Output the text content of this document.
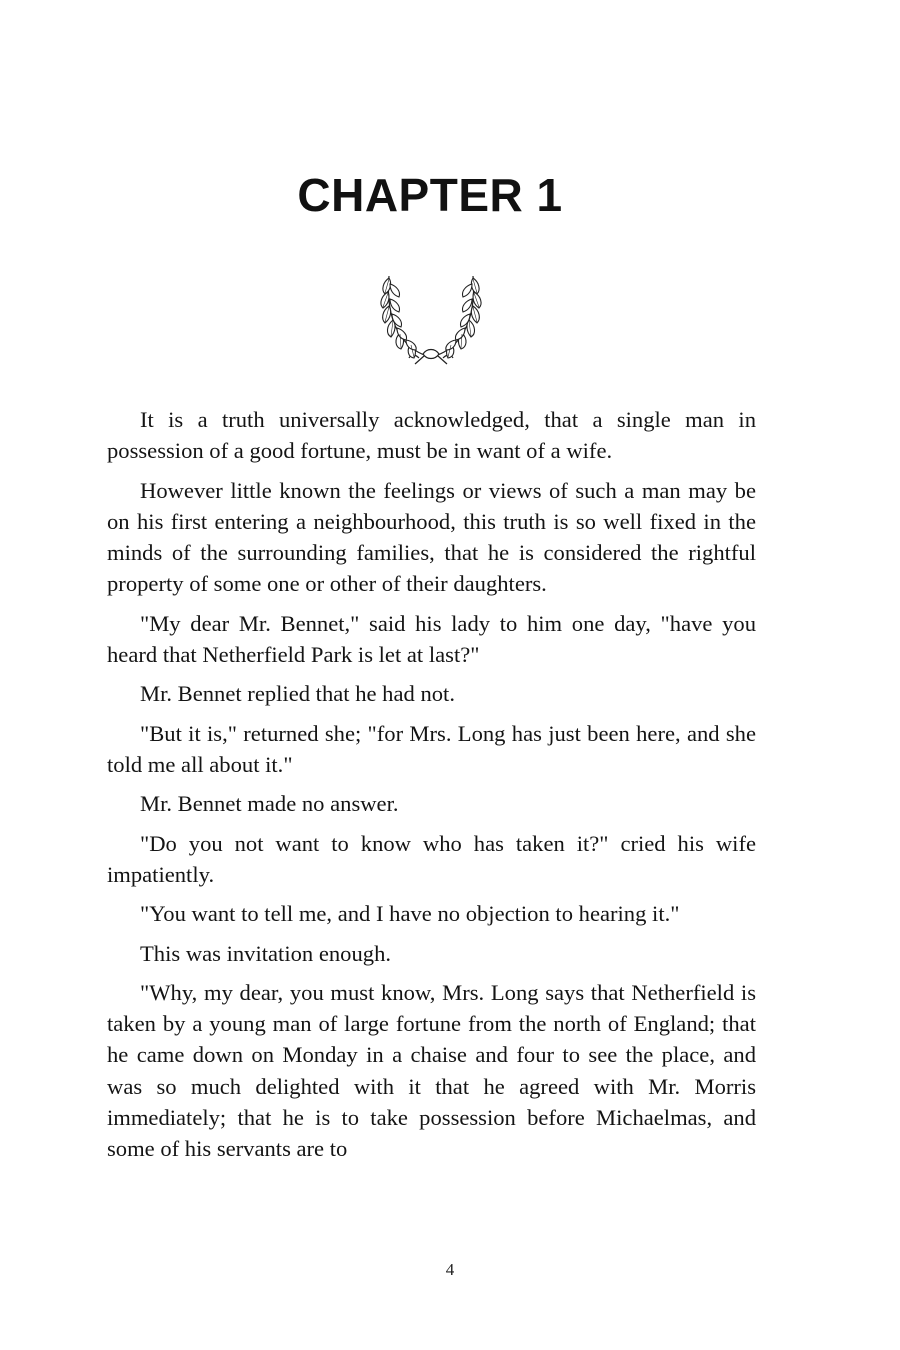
CHAPTER 1

It is a truth universally acknowledged, that a single man in possession of a good fortune, must be in want of a wife.

However little known the feelings or views of such a man may be on his first entering a neighbourhood, this truth is so well fixed in the minds of the surrounding families, that he is considered the rightful property of some one or other of their daughters.

"My dear Mr. Bennet," said his lady to him one day, "have you heard that Netherfield Park is let at last?"

Mr. Bennet replied that he had not.

"But it is," returned she; "for Mrs. Long has just been here, and she told me all about it."

Mr. Bennet made no answer.

"Do you not want to know who has taken it?" cried his wife impatiently.

"You want to tell me, and I have no objection to hearing it."

This was invitation enough.

"Why, my dear, you must know, Mrs. Long says that Netherfield is taken by a young man of large fortune from the north of England; that he came down on Monday in a chaise and four to see the place, and was so much delighted with it that he agreed with Mr. Morris immediately; that he is to take possession before Michaelmas, and some of his servants are to

4
